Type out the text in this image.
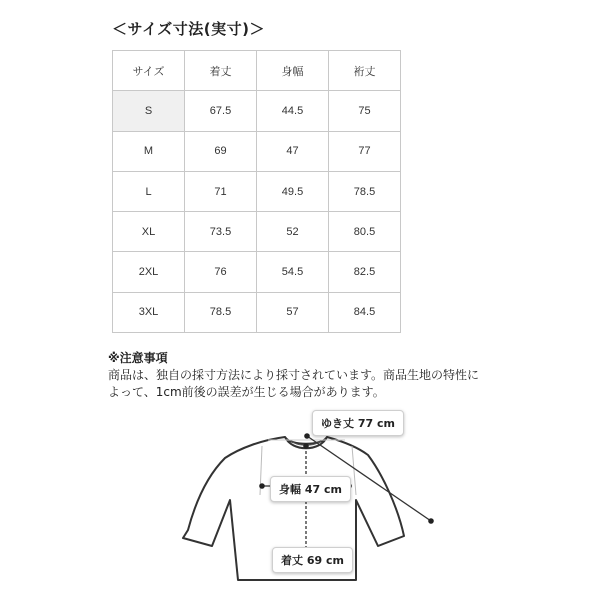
＜サイズ寸法(実寸)＞
サイズ	着丈	身幅	裄丈
S	67.5	44.5	75
M	69	47	77
L	71	49.5	78.5
XL	73.5	52	80.5
2XL	76	54.5	82.5
3XL	78.5	57	84.5
※注意事項
商品は、独自の採寸方法により採寸されています。商品生地の特性に
よって、1cm前後の誤差が生じる場合があります。
ゆき丈 77 cm
身幅 47 cm
着丈 69 cm
